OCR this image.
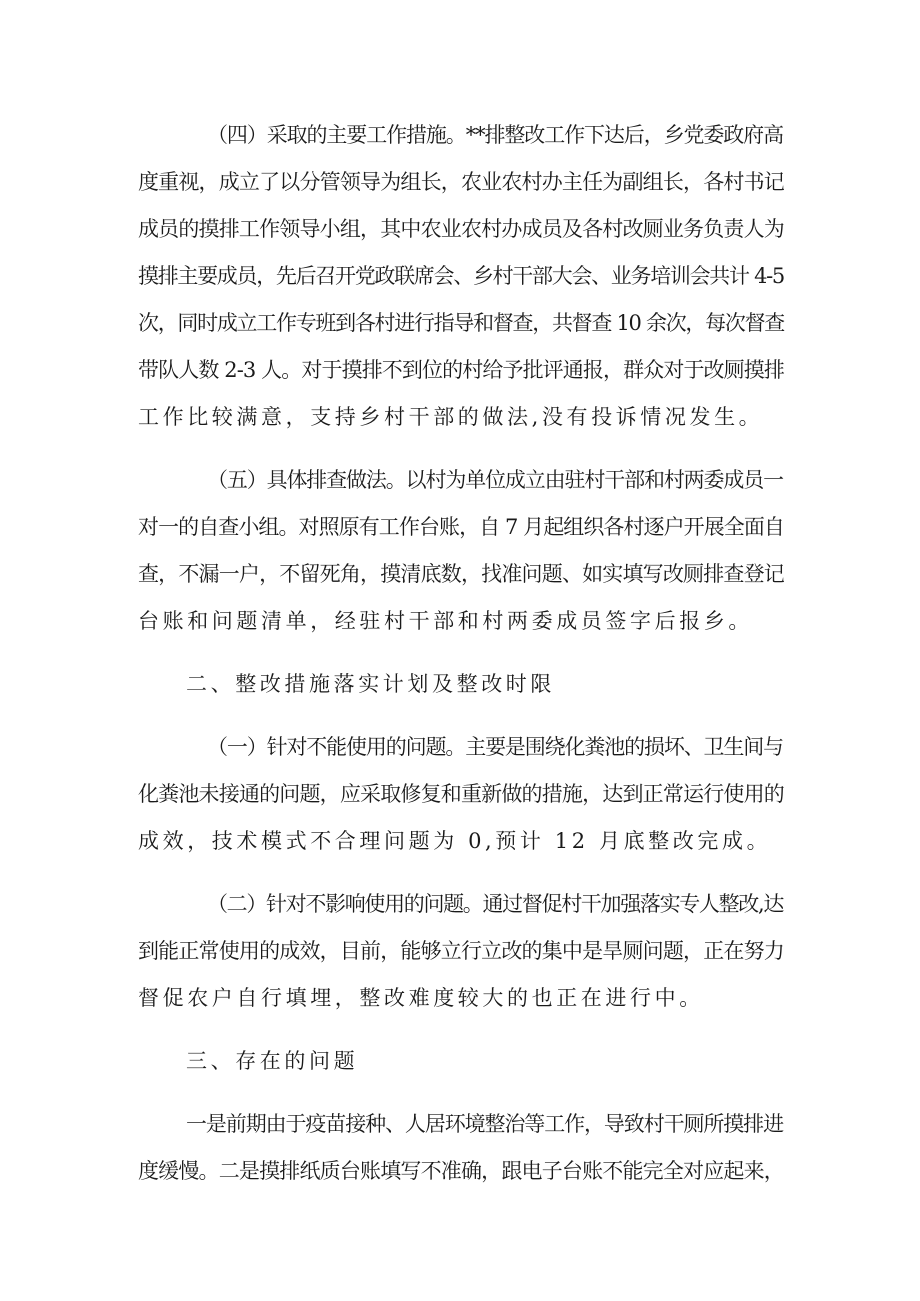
（四）采取的主要工作措施。**排整改工作下达后，乡党委政府高
度重视，成立了以分管领导为组长，农业农村办主任为副组长，各村书记
成员的摸排工作领导小组，其中农业农村办成员及各村改厕业务负责人为
摸排主要成员，先后召开党政联席会、乡村干部大会、业务培训会共计 4-5
次，同时成立工作专班到各村进行指导和督查，共督查 10 余次，每次督查
带队人数 2-3 人。对于摸排不到位的村给予批评通报，群众对于改厕摸排
工作比较满意，支持乡村干部的做法,没有投诉情况发生。
（五）具体排查做法。以村为单位成立由驻村干部和村两委成员一
对一的自查小组。对照原有工作台账，自 7 月起组织各村逐户开展全面自
查，不漏一户，不留死角，摸清底数，找准问题、如实填写改厕排查登记
台账和问题清单，经驻村干部和村两委成员签字后报乡。
二、整改措施落实计划及整改时限
（一）针对不能使用的问题。主要是围绕化粪池的损坏、卫生间与
化粪池未接通的问题，应采取修复和重新做的措施，达到正常运行使用的
成效，技术模式不合理问题为 0,预计 12 月底整改完成。
（二）针对不影响使用的问题。通过督促村干加强落实专人整改,达
到能正常使用的成效，目前，能够立行立改的集中是旱厕问题，正在努力
督促农户自行填埋，整改难度较大的也正在进行中。
三、存在的问题
一是前期由于疫苗接种、人居环境整治等工作，导致村干厕所摸排进
度缓慢。二是摸排纸质台账填写不准确，跟电子台账不能完全对应起来，
